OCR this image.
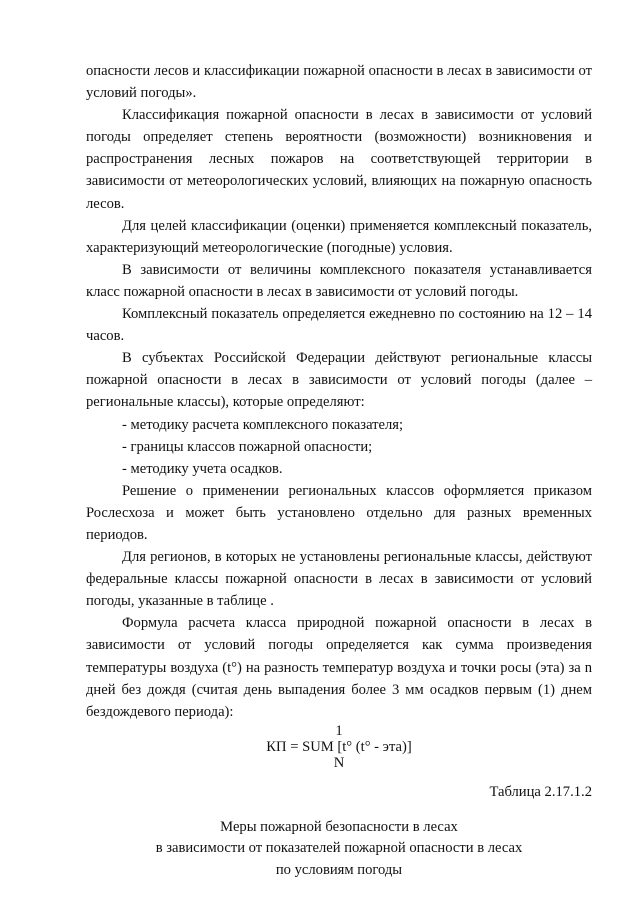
опасности лесов и классификации пожарной опасности в лесах в зависимости от условий погоды».

Классификация пожарной опасности в лесах в зависимости от условий погоды определяет степень вероятности (возможности) возникновения и распространения лесных пожаров на соответствующей территории в зависимости от метеорологических условий, влияющих на пожарную опасность лесов.

Для целей классификации (оценки) применяется комплексный показатель, характеризующий метеорологические (погодные) условия.

В зависимости от величины комплексного показателя устанавливается класс пожарной опасности в лесах в зависимости от условий погоды.

Комплексный показатель определяется ежедневно по состоянию на 12 – 14 часов.

В субъектах Российской Федерации действуют региональные классы пожарной опасности в лесах в зависимости от условий погоды (далее – региональные классы), которые определяют:

- методику расчета комплексного показателя;

- границы классов пожарной опасности;

- методику учета осадков.

Решение о применении региональных классов оформляется приказом Рослесхоза и может быть установлено отдельно для разных временных периодов.

Для регионов, в которых не установлены региональные классы, действуют федеральные классы пожарной опасности в лесах в зависимости от условий погоды, указанные в таблице .

Формула расчета класса природной пожарной опасности в лесах в зависимости от условий погоды определяется как сумма произведения температуры воздуха (t°) на разность температур воздуха и точки росы (эта) за n дней без дождя (считая день выпадения более 3 мм осадков первым (1) днем бездождевого периода):

1
КП = SUM [t° (t° - эта)]
N

Таблица 2.17.1.2

Меры пожарной безопасности в лесах

в зависимости от показателей пожарной опасности в лесах

по условиям погоды
